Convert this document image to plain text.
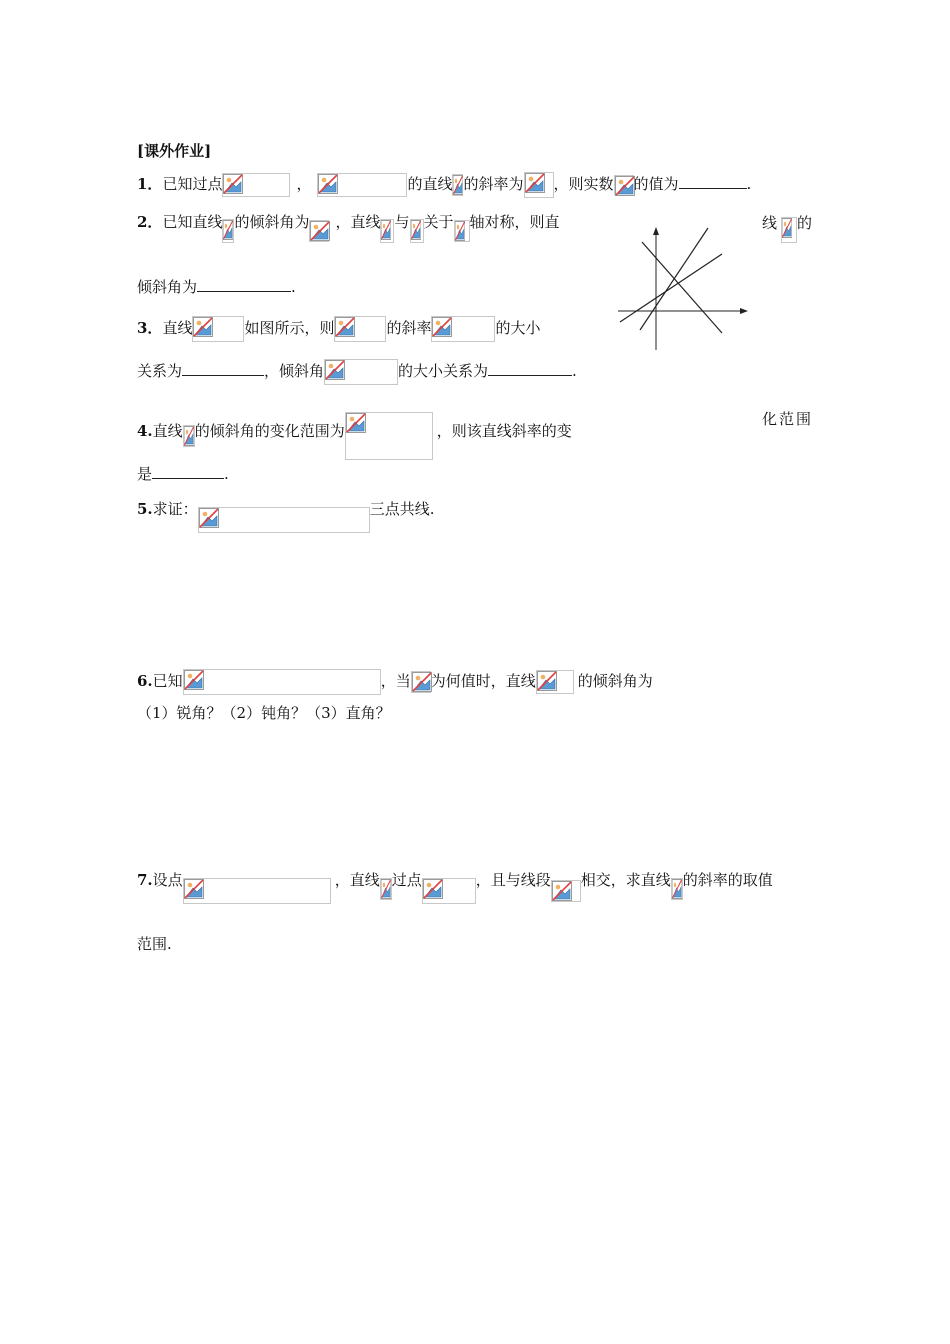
[课外作业]
1．已知过点	，	的直线 的斜率为 ，则实数 的值为	.
2．已知直线 的倾斜角为 ，直线 与 关于 轴对称，则直	线 的
倾斜角为	.
3．直线	如图所示，则	的斜率	的大小
关系为	，倾斜角	的大小关系为	.
4.直线 的倾斜角的变化范围为	，则该直线斜率的变
化范围
是	.
5.求证：	三点共线.
6.已知	，当 为何值时，直线	的倾斜角为
（1）锐角？（2）钝角？（3）直角？
7.设点	，直线 过点	，且与线段 相交，求直线 的斜率的取值
范围.
